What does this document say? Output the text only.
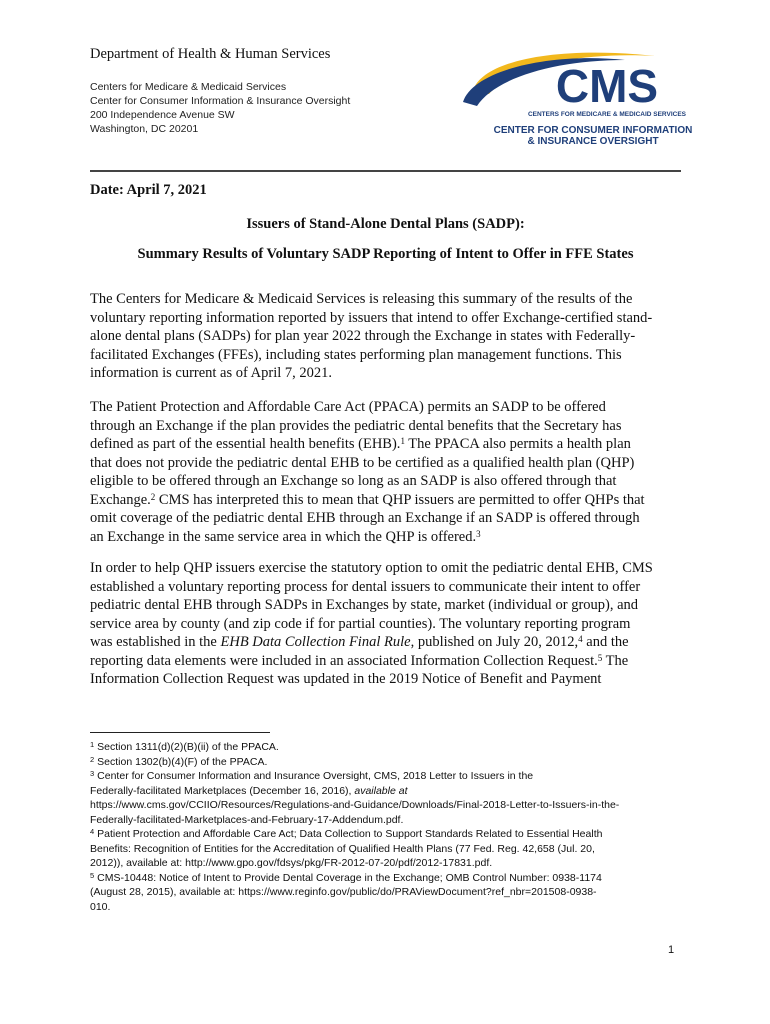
Department of Health & Human Services
Centers for Medicare & Medicaid Services
Center for Consumer Information & Insurance Oversight
200 Independence Avenue SW
Washington, DC 20201
CMS
CENTERS FOR MEDICARE & MEDICAID SERVICES
CENTER FOR CONSUMER INFORMATION
& INSURANCE OVERSIGHT
Date: April 7, 2021
Issuers of Stand-Alone Dental Plans (SADP):
Summary Results of Voluntary SADP Reporting of Intent to Offer in FFE States
The Centers for Medicare & Medicaid Services is releasing this summary of the results of the
voluntary reporting information reported by issuers that intend to offer Exchange-certified stand-
alone dental plans (SADPs) for plan year 2022 through the Exchange in states with Federally-
facilitated Exchanges (FFEs), including states performing plan management functions. This
information is current as of April 7, 2021.
The Patient Protection and Affordable Care Act (PPACA) permits an SADP to be offered
through an Exchange if the plan provides the pediatric dental benefits that the Secretary has
defined as part of the essential health benefits (EHB).$^1$ The PPACA also permits a health plan
that does not provide the pediatric dental EHB to be certified as a qualified health plan (QHP)
eligible to be offered through an Exchange so long as an SADP is also offered through that
Exchange.$^2$ CMS has interpreted this to mean that QHP issuers are permitted to offer QHPs that
omit coverage of the pediatric dental EHB through an Exchange if an SADP is offered through
an Exchange in the same service area in which the QHP is offered.$^3$
In order to help QHP issuers exercise the statutory option to omit the pediatric dental EHB, CMS
established a voluntary reporting process for dental issuers to communicate their intent to offer
pediatric dental EHB through SADPs in Exchanges by state, market (individual or group), and
service area by county (and zip code if for partial counties). The voluntary reporting program
was established in the EHB Data Collection Final Rule, published on July 20, 2012,$^4$ and the
reporting data elements were included in an associated Information Collection Request.$^5$ The
Information Collection Request was updated in the 2019 Notice of Benefit and Payment
$^1$ Section 1311(d)(2)(B)(ii) of the PPACA.
$^2$ Section 1302(b)(4)(F) of the PPACA.
$^3$ Center for Consumer Information and Insurance Oversight, CMS, 2018 Letter to Issuers in the
Federally-facilitated Marketplaces (December 16, 2016), available at
https://www.cms.gov/CCIIO/Resources/Regulations-and-Guidance/Downloads/Final-2018-Letter-to-Issuers-in-the-
Federally-facilitated-Marketplaces-and-February-17-Addendum.pdf.
$^4$ Patient Protection and Affordable Care Act; Data Collection to Support Standards Related to Essential Health
Benefits: Recognition of Entities for the Accreditation of Qualified Health Plans (77 Fed. Reg. 42,658 (Jul. 20,
2012)), available at: http://www.gpo.gov/fdsys/pkg/FR-2012-07-20/pdf/2012-17831.pdf.
$^5$ CMS-10448: Notice of Intent to Provide Dental Coverage in the Exchange; OMB Control Number: 0938-1174
(August 28, 2015), available at: https://www.reginfo.gov/public/do/PRAViewDocument?ref_nbr=201508-0938-
010.
1
